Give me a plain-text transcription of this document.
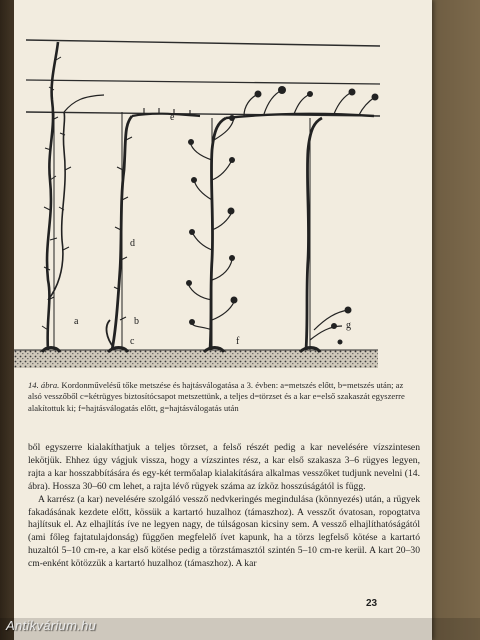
a	b
c
d
e
f
g
14. ábra. Kordonművelésű tőke metszése és hajtásválogatása a 3. évben: a=metszés előtt, b=metszés után; az alsó vesszőből c=kétrügyes biztosítócsapot metszettünk, a teljes d=törzset és a kar e=első szakaszát egyszerre alakítottuk ki; f=hajtásválogatás előtt, g=hajtásválogatás után

ből egyszerre kialakíthatjuk a teljes törzset, a felső részét pedig a kar nevelésére vízszintesen lekötjük. Ehhez úgy vágjuk vissza, hogy a vízszintes rész, a kar első szakasza 3–6 rügyes legyen, rajta a kar hosszabbítására és egy-két termőalap kialakítására alkalmas vesszőket tudjunk nevelni (14. ábra). Hossza 30–60 cm lehet, a rajta lévő rügyek száma az ízköz hosszúságától is függ.

A karrész (a kar) nevelésére szolgáló vessző nedvkeringés megindulása (könnyezés) után, a rügyek fakadásának kezdete előtt, kössük a kartartó huzalhoz (támaszhoz). A vesszőt óvatosan, ropogtatva hajlítsuk el. Az elhajlítás íve ne legyen nagy, de túlságosan kicsiny sem. A vessző elhajlíthatóságától (ami főleg fajtatulajdonság) függően megfelelő ívet kapunk, ha a törzs legfelső kötése a kartartó huzaltól 5–10 cm-re, a kar első kötése pedig a törzstámasztól szintén 5–10 cm-re kerül. A kart 20–30 cm-enként kötözzük a kartartó huzalhoz (támaszhoz). A kar

23
Antikvárium.hu
